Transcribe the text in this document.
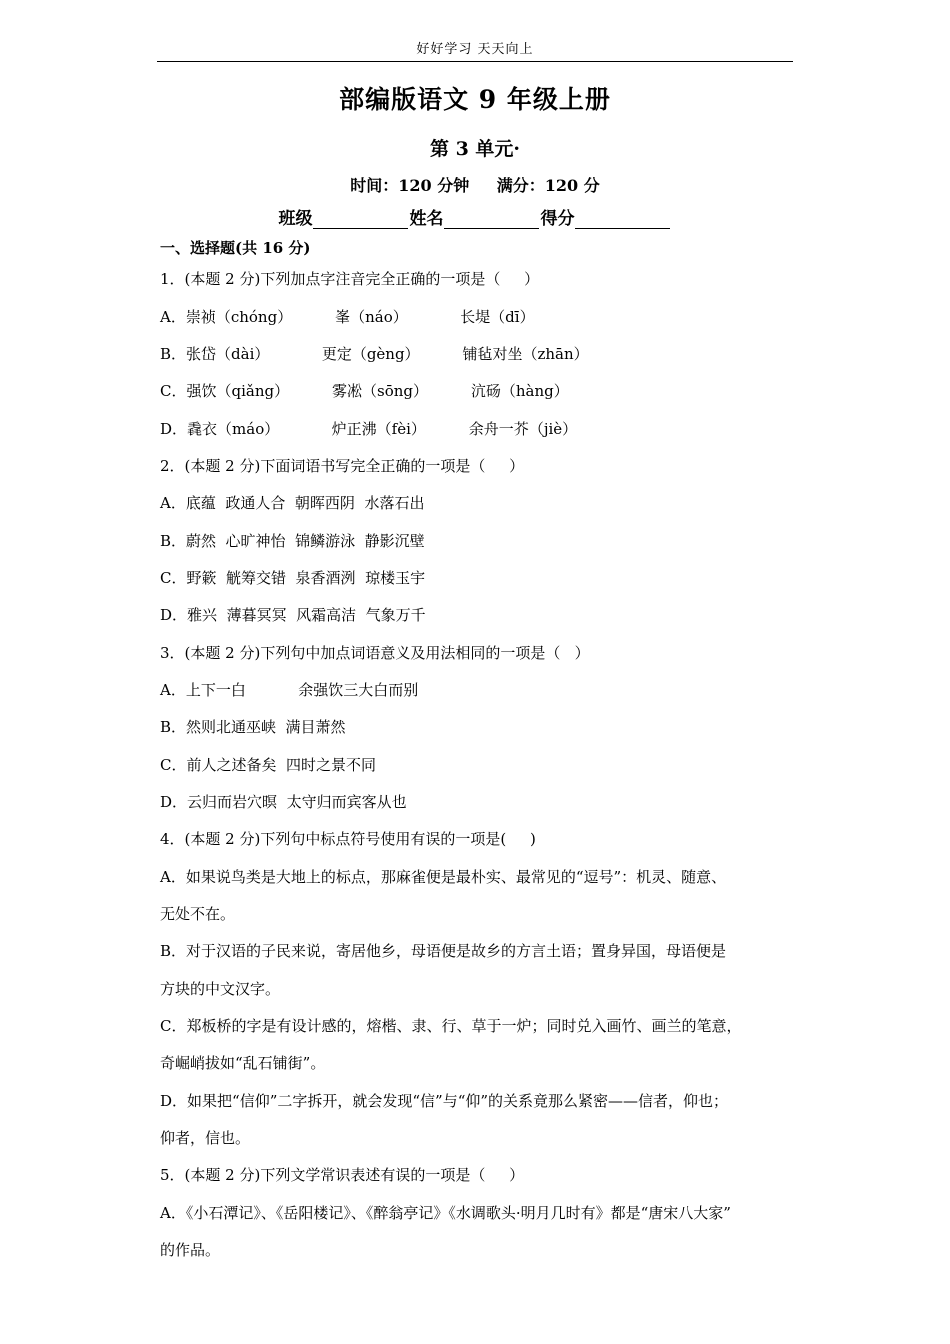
好好学习 天天向上
部编版语文 9 年级上册
第 3 单元·
时间：120 分钟 满分：120 分
班级	姓名	得分
一、选择题(共 16 分)
1．(本题 2 分)下列加点字注音完全正确的一项是（     ）
A．崇祯（chóng）         峯（náo）           长堤（dī）
B．张岱（dài）           更定（gèng）         铺毡对坐（zhān）
C．强饮（qiǎng）         雾凇（sōng）         沆砀（hàng）
D．毳衣（máo）           炉正沸（fèi）         余舟一芥（jiè）
2．(本题 2 分)下面词语书写完全正确的一项是（     ）
A．底蕴  政通人合  朝晖西阴  水落石出
B．蔚然  心旷神怡  锦鳞游泳  静影沉壁
C．野簌  觥筹交错  泉香酒洌  琼楼玉宇
D．雅兴  薄暮冥冥  风霜高洁  气象万千
3．(本题 2 分)下列句中加点词语意义及用法相同的一项是（   ）
A．上下一白           余强饮三大白而别
B．然则北通巫峡  满目萧然
C．前人之述备矣  四时之景不同
D．云归而岩穴暝  太守归而宾客从也
4．(本题 2 分)下列句中标点符号使用有误的一项是(     )
A．如果说鸟类是大地上的标点，那麻雀便是最朴实、最常见的“逗号”：机灵、随意、
无处不在。
B．对于汉语的子民来说，寄居他乡，母语便是故乡的方言土语；置身异国，母语便是
方块的中文汉字。
C．郑板桥的字是有设计感的，熔楷、隶、行、草于一炉；同时兑入画竹、画兰的笔意，
奇崛峭拔如“乱石铺街”。
D．如果把“信仰”二字拆开，就会发现“信”与“仰”的关系竟那么紧密——信者，仰也；
仰者，信也。
5．(本题 2 分)下列文学常识表述有误的一项是（     ）
A．《小石潭记》、《岳阳楼记》、《醉翁亭记》《水调歌头·明月几时有》都是“唐宋八大家”
的作品。
